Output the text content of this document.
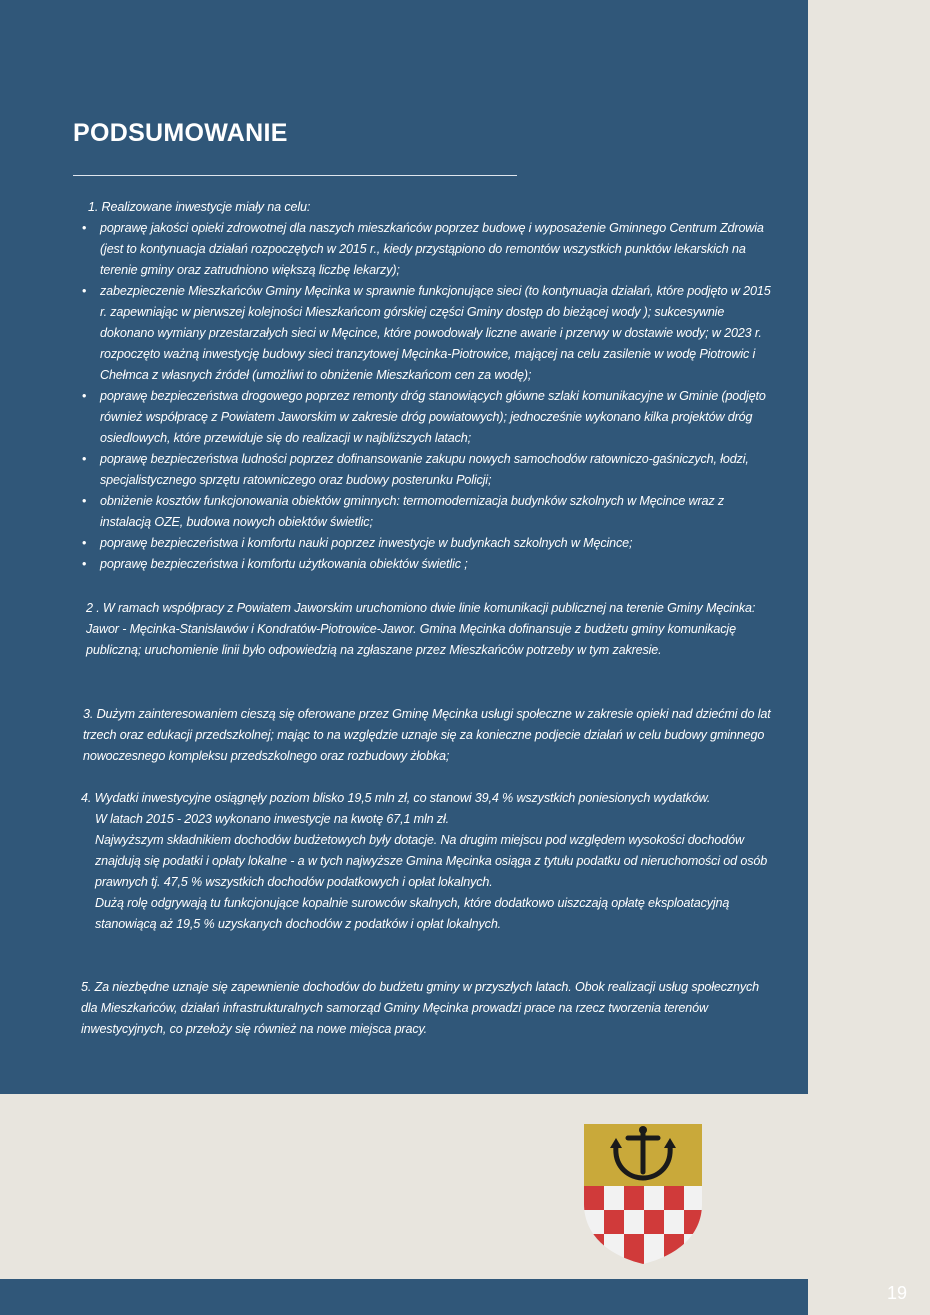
19
PODSUMOWANIE

1. Realizowane inwestycje miały na celu:

• poprawę jakości opieki zdrowotnej dla naszych mieszkańców poprzez budowę i wyposażenie Gminnego Centrum Zdrowia (jest to kontynuacja działań rozpoczętych w 2015 r., kiedy przystąpiono do remontów wszystkich punktów lekarskich na terenie gminy oraz zatrudniono większą liczbę lekarzy);
• zabezpieczenie Mieszkańców Gminy Męcinka w sprawnie funkcjonujące sieci (to kontynuacja działań, które podjęto w 2015 r. zapewniając w pierwszej kolejności Mieszkańcom górskiej części Gminy dostęp do bieżącej wody ); sukcesywnie dokonano wymiany przestarzałych sieci w Męcince, które powodowały liczne awarie i przerwy w dostawie wody; w 2023 r. rozpoczęto ważną inwestycję budowy sieci tranzytowej Męcinka-Piotrowice, mającej na celu zasilenie w wodę Piotrowic i Chełmca z własnych źródeł (umożliwi to obniżenie Mieszkańcom cen za wodę);
• poprawę bezpieczeństwa drogowego poprzez remonty dróg stanowiących główne szlaki komunikacyjne w Gminie (podjęto również współpracę z Powiatem Jaworskim w zakresie dróg powiatowych); jednocześnie wykonano kilka projektów dróg osiedlowych, które przewiduje się do realizacji w najbliższych latach;
• poprawę bezpieczeństwa ludności poprzez dofinansowanie zakupu nowych samochodów ratowniczo-gaśniczych, łodzi, specjalistycznego sprzętu ratowniczego oraz budowy posterunku Policji;
• obniżenie kosztów funkcjonowania obiektów gminnych: termomodernizacja budynków szkolnych w Męcince wraz z instalacją OZE, budowa nowych obiektów świetlic;
• poprawę bezpieczeństwa i komfortu nauki poprzez inwestycje w budynkach szkolnych w Męcince;
• poprawę bezpieczeństwa i komfortu użytkowania obiektów świetlic ;
2 . W ramach współpracy z Powiatem Jaworskim uruchomiono dwie linie komunikacji publicznej na terenie Gminy Męcinka: Jawor - Męcinka-Stanisławów i Kondratów-Piotrowice-Jawor. Gmina Męcinka dofinansuje z budżetu gminy komunikację publiczną; uruchomienie linii było odpowiedzią na zgłaszane przez Mieszkańców potrzeby w tym zakresie.
3. Dużym zainteresowaniem cieszą się oferowane przez Gminę Męcinka usługi społeczne w zakresie opieki nad dziećmi do lat trzech oraz edukacji przedszkolnej; mając to na względzie uznaje się za konieczne podjecie działań w celu budowy gminnego nowoczesnego kompleksu przedszkolnego oraz rozbudowy żłobka;

4. Wydatki inwestycyjne osiągnęły poziom blisko 19,5 mln zł, co stanowi 39,4 % wszystkich poniesionych wydatków.

W latach 2015 - 2023 wykonano inwestycje na kwotę 67,1 mln zł.

Najwyższym składnikiem dochodów budżetowych były dotacje. Na drugim miejscu pod względem wysokości dochodów znajdują się podatki i opłaty lokalne - a w tych najwyższe Gmina Męcinka osiąga z tytułu podatku od nieruchomości od osób prawnych tj. 47,5 % wszystkich dochodów podatkowych i opłat lokalnych.

Dużą rolę odgrywają tu funkcjonujące kopalnie surowców skalnych, które dodatkowo uiszczają opłatę eksploatacyjną stanowiącą aż 19,5 % uzyskanych dochodów z podatków i opłat lokalnych.

5. Za niezbędne uznaje się zapewnienie dochodów do budżetu gminy w przyszłych latach. Obok realizacji usług społecznych dla Mieszkańców, działań infrastrukturalnych samorząd Gminy Męcinka prowadzi prace na rzecz tworzenia terenów inwestycyjnych, co przełoży się również na nowe miejsca pracy.
